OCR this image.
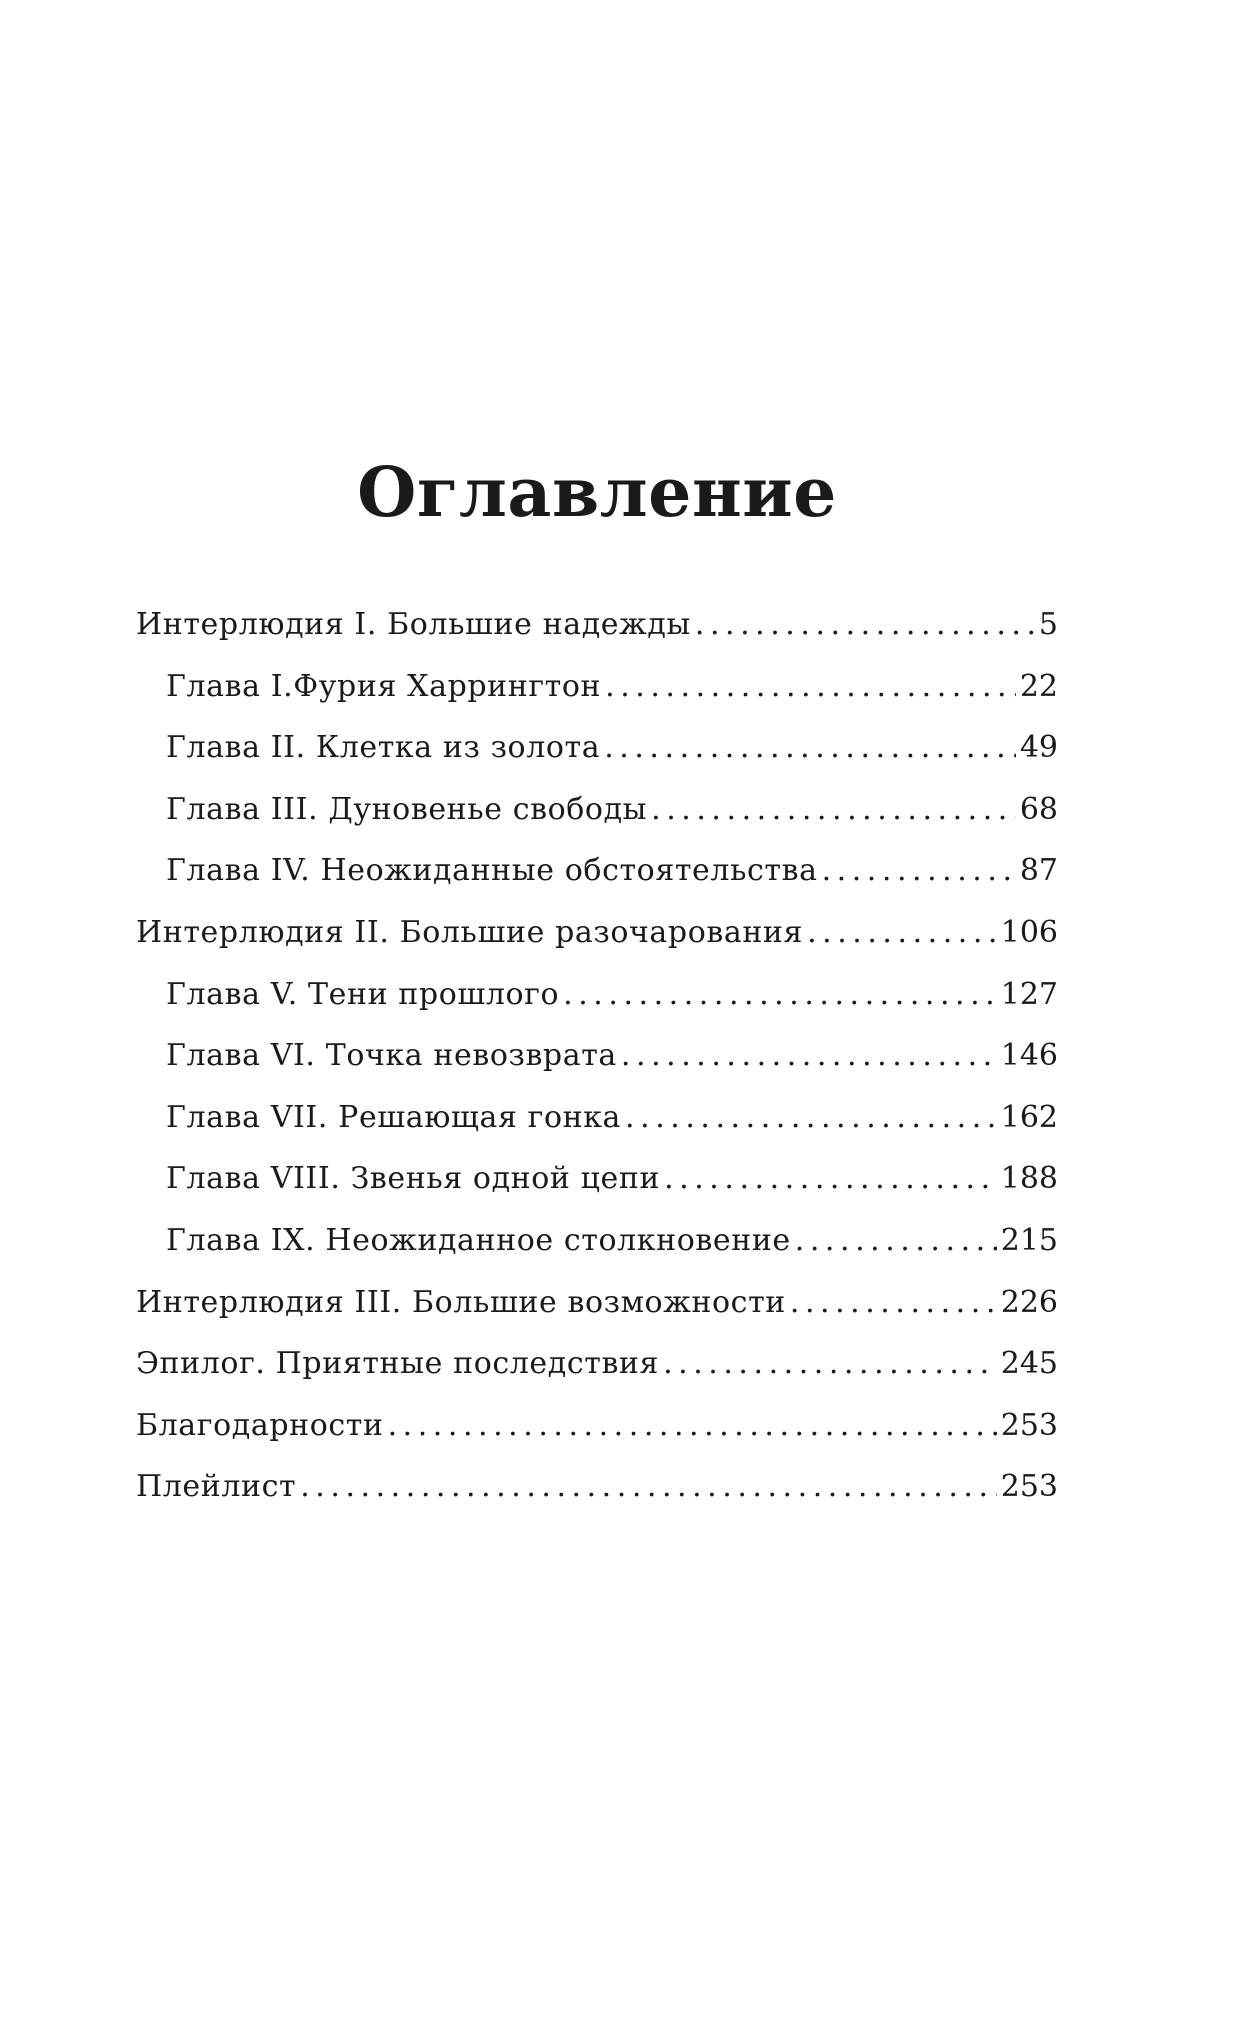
Оглавление
Интерлюдия I. Большие надежды . . .	5
Глава I.Фурия Харрингтон . . .	22
Глава II. Клетка из золота . . .	49
Глава III. Дуновенье свободы . . .	68
Глава IV. Неожиданные обстоятельства . . .	87
Интерлюдия II. Большие разочарования . . .	106
Глава V. Тени прошлого . . .	127
Глава VI. Точка невозврата . . .	146
Глава VII. Решающая гонка . . .	162
Глава VIII. Звенья одной цепи . . .	188
Глава IX. Неожиданное столкновение . . .	215
Интерлюдия III. Большие возможности . . .	226
Эпилог. Приятные последствия . . .	245
Благодарности . . .	253
Плейлист . . .	253
